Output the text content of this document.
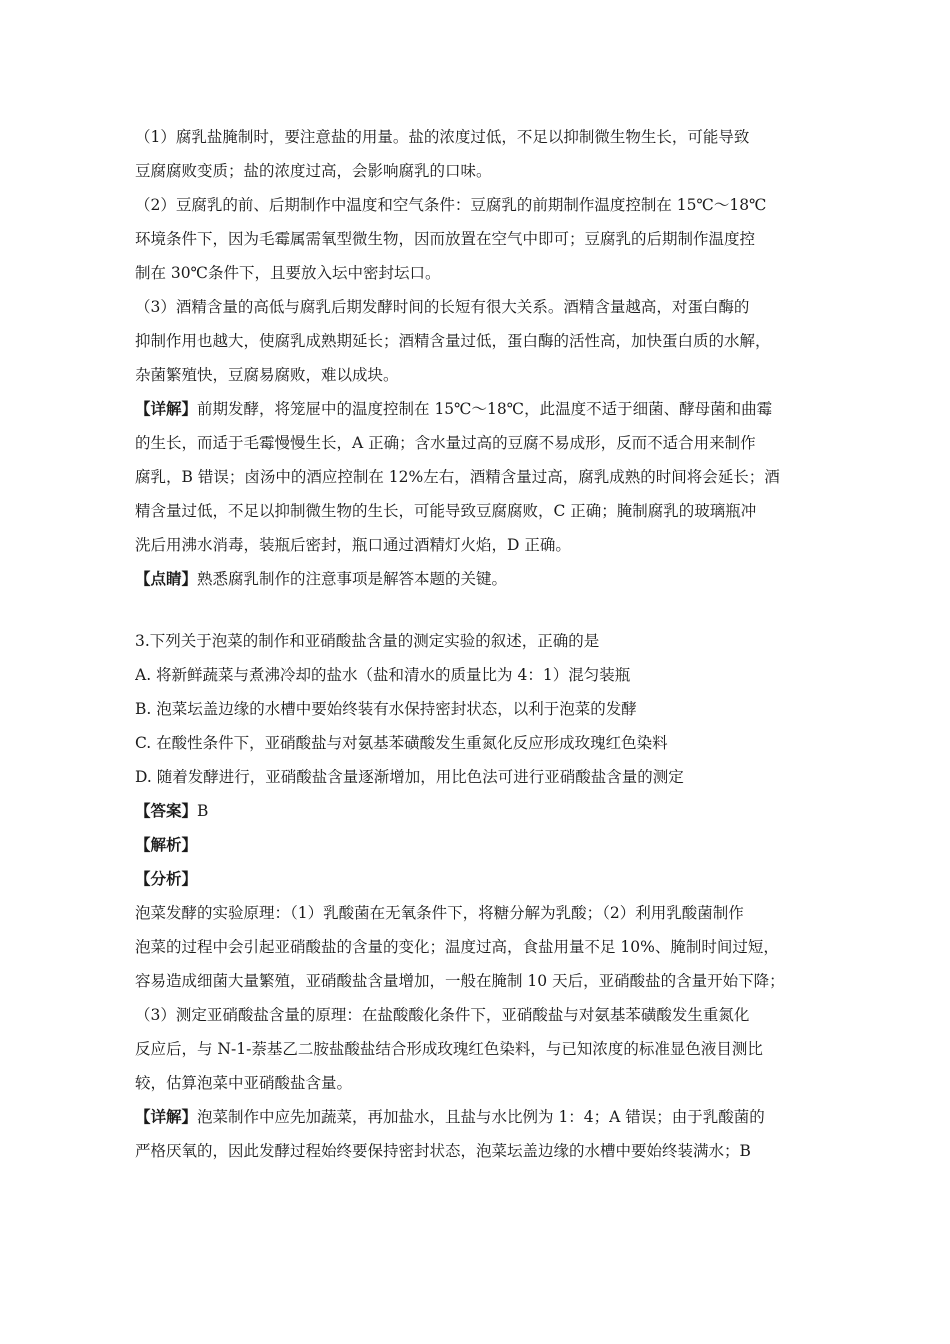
（1）腐乳盐腌制时，要注意盐的用量。盐的浓度过低，不足以抑制微生物生长，可能导致
豆腐腐败变质；盐的浓度过高，会影响腐乳的口味。
（2）豆腐乳的前、后期制作中温度和空气条件：豆腐乳的前期制作温度控制在 15℃～18℃
环境条件下，因为毛霉属需氧型微生物，因而放置在空气中即可；豆腐乳的后期制作温度控
制在 30℃条件下，且要放入坛中密封坛口。
（3）酒精含量的高低与腐乳后期发酵时间的长短有很大关系。酒精含量越高，对蛋白酶的
抑制作用也越大，使腐乳成熟期延长；酒精含量过低，蛋白酶的活性高，加快蛋白质的水解，
杂菌繁殖快，豆腐易腐败，难以成块。
【详解】前期发酵，将笼屉中的温度控制在 15℃～18℃，此温度不适于细菌、酵母菌和曲霉
的生长，而适于毛霉慢慢生长，A 正确；含水量过高的豆腐不易成形，反而不适合用来制作
腐乳，B 错误；卤汤中的酒应控制在 12%左右，酒精含量过高，腐乳成熟的时间将会延长；酒
精含量过低，不足以抑制微生物的生长，可能导致豆腐腐败，C 正确；腌制腐乳的玻璃瓶冲
洗后用沸水消毒，装瓶后密封，瓶口通过酒精灯火焰，D 正确。
【点睛】熟悉腐乳制作的注意事项是解答本题的关键。
3.下列关于泡菜的制作和亚硝酸盐含量的测定实验的叙述，正确的是
A. 将新鲜蔬菜与煮沸冷却的盐水（盐和清水的质量比为 4：1）混匀装瓶
B. 泡菜坛盖边缘的水槽中要始终装有水保持密封状态，以利于泡菜的发酵
C. 在酸性条件下，亚硝酸盐与对氨基苯磺酸发生重氮化反应形成玫瑰红色染料
D. 随着发酵进行，亚硝酸盐含量逐渐增加，用比色法可进行亚硝酸盐含量的测定
【答案】B
【解析】
【分析】
泡菜发酵的实验原理：（1）乳酸菌在无氧条件下，将糖分解为乳酸；（2）利用乳酸菌制作
泡菜的过程中会引起亚硝酸盐的含量的变化；温度过高，食盐用量不足 10%、腌制时间过短，
容易造成细菌大量繁殖，亚硝酸盐含量增加，一般在腌制 10 天后，亚硝酸盐的含量开始下降；
（3）测定亚硝酸盐含量的原理：在盐酸酸化条件下，亚硝酸盐与对氨基苯磺酸发生重氮化
反应后，与 N-1-萘基乙二胺盐酸盐结合形成玫瑰红色染料，与已知浓度的标准显色液目测比
较，估算泡菜中亚硝酸盐含量。
【详解】泡菜制作中应先加蔬菜，再加盐水，且盐与水比例为 1：4；A 错误；由于乳酸菌的
严格厌氧的，因此发酵过程始终要保持密封状态，泡菜坛盖边缘的水槽中要始终装满水；B
